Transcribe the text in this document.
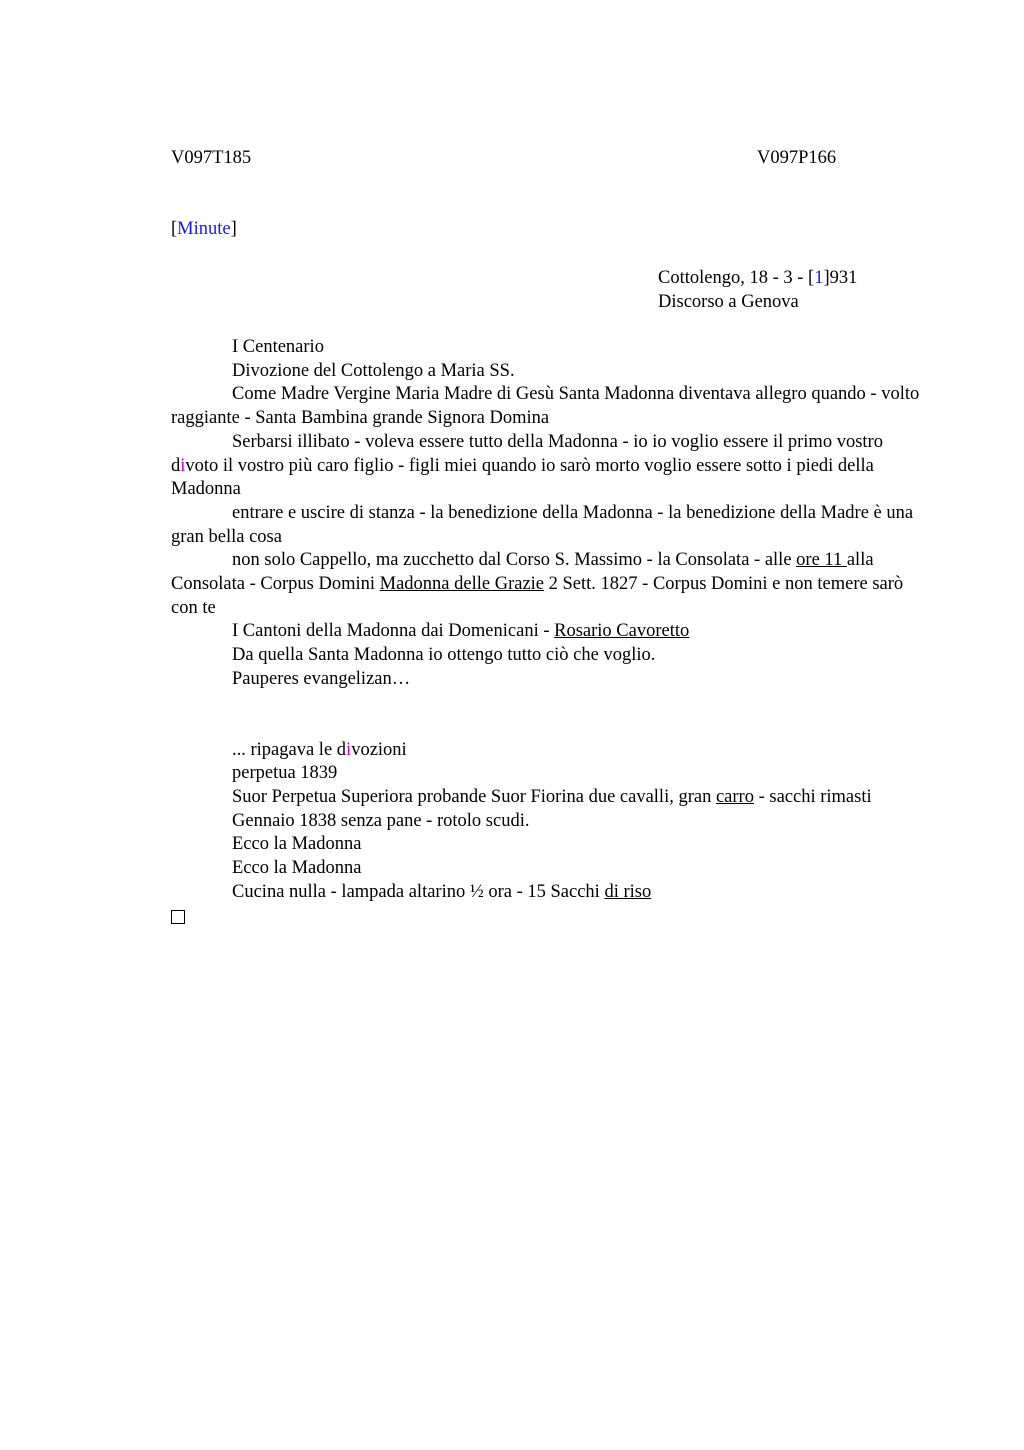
V097T185	V097P166
[Minute]
Cottolengo, 18 - 3 - [1]931
Discorso a Genova

I Centenario

Divozione del Cottolengo a Maria SS.

Come Madre Vergine Maria Madre di Gesù Santa Madonna diventava allegro quando - volto raggiante - Santa Bambina grande Signora Domina

Serbarsi illibato - voleva essere tutto della Madonna - io io voglio essere il primo vostro divoto il vostro più caro figlio - figli miei quando io sarò morto voglio essere sotto i piedi della Madonna

entrare e uscire di stanza - la benedizione della Madonna - la benedizione della Madre è una gran bella cosa

non solo Cappello, ma zucchetto dal Corso S. Massimo - la Consolata - alle ore 11 alla Consolata - Corpus Domini Madonna delle Grazie 2 Sett. 1827 - Corpus Domini e non temere sarò con te

I Cantoni della Madonna dai Domenicani - Rosario Cavoretto

Da quella Santa Madonna io ottengo tutto ciò che voglio.

Pauperes evangelizan…

... ripagava le divozioni

perpetua 1839

Suor Perpetua Superiora probande Suor Fiorina due cavalli, gran carro - sacchi rimasti

Gennaio 1838 senza pane - rotolo scudi.

Ecco la Madonna

Ecco la Madonna

Cucina nulla - lampada altarino ½ ora - 15 Sacchi di riso
